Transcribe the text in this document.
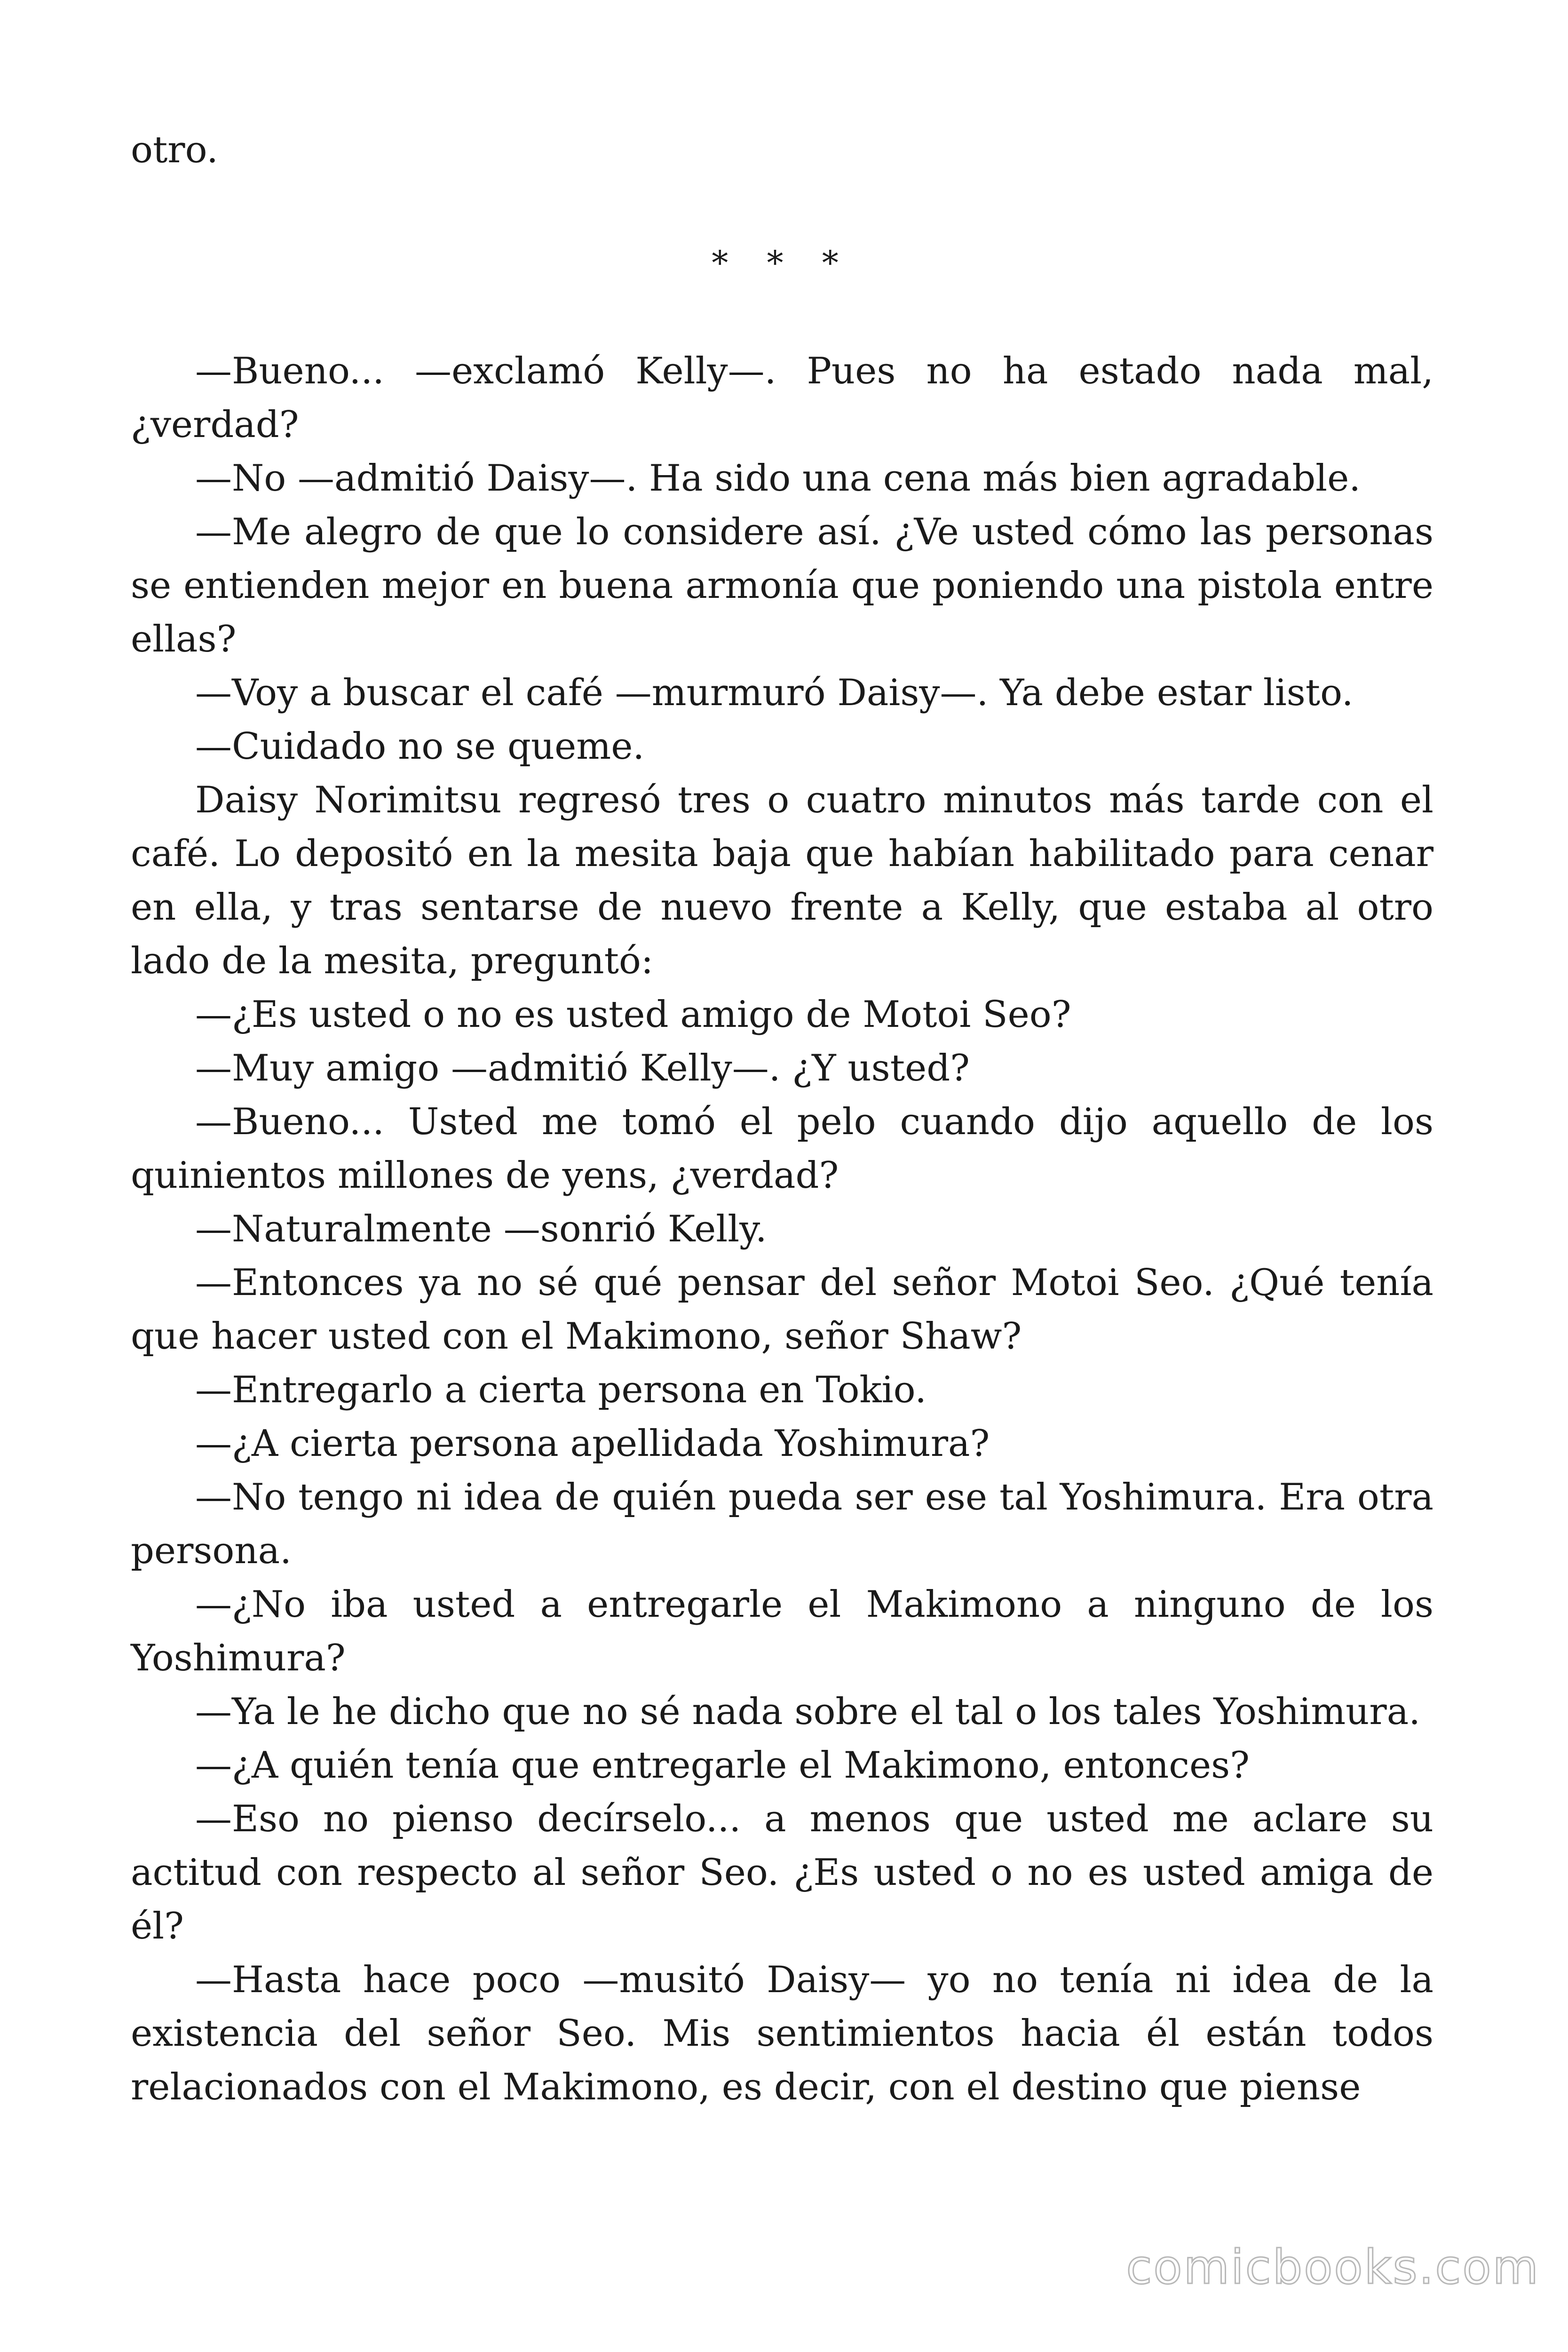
otro.

* * *

—Bueno... —exclamó Kelly—. Pues no ha estado nada mal, ¿verdad?

—No —admitió Daisy—. Ha sido una cena más bien agradable.

—Me alegro de que lo considere así. ¿Ve usted cómo las personas se entienden mejor en buena armonía que poniendo una pistola entre ellas?

—Voy a buscar el café —murmuró Daisy—. Ya debe estar listo.

—Cuidado no se queme.

Daisy Norimitsu regresó tres o cuatro minutos más tarde con el café. Lo depositó en la mesita baja que habían habilitado para cenar en ella, y tras sentarse de nuevo frente a Kelly, que estaba al otro lado de la mesita, preguntó:

—¿Es usted o no es usted amigo de Motoi Seo?

—Muy amigo —admitió Kelly—. ¿Y usted?

—Bueno... Usted me tomó el pelo cuando dijo aquello de los quinientos millones de yens, ¿verdad?

—Naturalmente —sonrió Kelly.

—Entonces ya no sé qué pensar del señor Motoi Seo. ¿Qué tenía que hacer usted con el Makimono, señor Shaw?

—Entregarlo a cierta persona en Tokio.

—¿A cierta persona apellidada Yoshimura?

—No tengo ni idea de quién pueda ser ese tal Yoshimura. Era otra persona.

—¿No iba usted a entregarle el Makimono a ninguno de los Yoshimura?

—Ya le he dicho que no sé nada sobre el tal o los tales Yoshimura.

—¿A quién tenía que entregarle el Makimono, entonces?

—Eso no pienso decírselo... a menos que usted me aclare su actitud con respecto al señor Seo. ¿Es usted o no es usted amiga de él?

—Hasta hace poco —musitó Daisy— yo no tenía ni idea de la existencia del señor Seo. Mis sentimientos hacia él están todos relacionados con el Makimono, es decir, con el destino que piense

comicbooks.com
